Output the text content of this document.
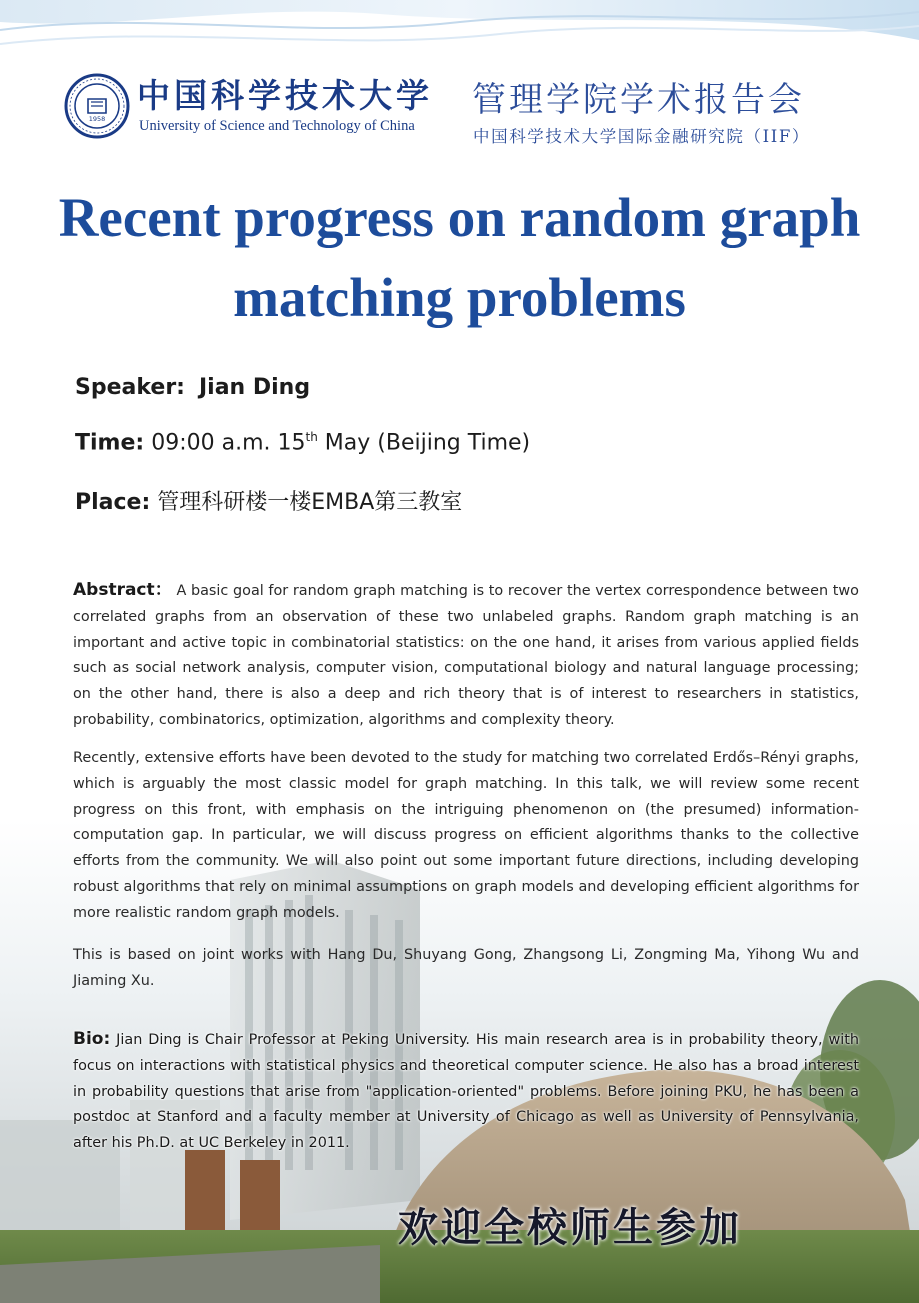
1958
中国科学技术大学
University of Science and Technology of China
管理学院学术报告会
中国科学技术大学国际金融研究院（IIF）
Recent progress on random graph
matching problems
Speaker: Jian Ding
Time: 09:00 a.m. 15th May (Beijing Time)
Place: 管理科研楼一楼EMBA第三教室

Abstract： A basic goal for random graph matching is to recover the vertex correspondence between two correlated graphs from an observation of these two unlabeled graphs. Random graph matching is an important and active topic in combinatorial statistics: on the one hand, it arises from various applied fields such as social network analysis, computer vision, computational biology and natural language processing; on the other hand, there is also a deep and rich theory that is of interest to researchers in statistics, probability, combinatorics, optimization, algorithms and complexity theory.

Recently, extensive efforts have been devoted to the study for matching two correlated Erdős–Rényi graphs, which is arguably the most classic model for graph matching. In this talk, we will review some recent progress on this front, with emphasis on the intriguing phenomenon on (the presumed) information-computation gap. In particular, we will discuss progress on efficient algorithms thanks to the collective efforts from the community. We will also point out some important future directions, including developing robust algorithms that rely on minimal assumptions on graph models and developing efficient algorithms for more realistic random graph models.

This is based on joint works with Hang Du, Shuyang Gong, Zhangsong Li, Zongming Ma, Yihong Wu and Jiaming Xu.

Bio: Jian Ding is Chair Professor at Peking University. His main research area is in probability theory, with focus on interactions with statistical physics and theoretical computer science. He also has a broad interest in probability questions that arise from "application-oriented" problems. Before joining PKU, he has been a postdoc at Stanford and a faculty member at University of Chicago as well as University of Pennsylvania, after his Ph.D. at UC Berkeley in 2011.

欢迎全校师生参加
